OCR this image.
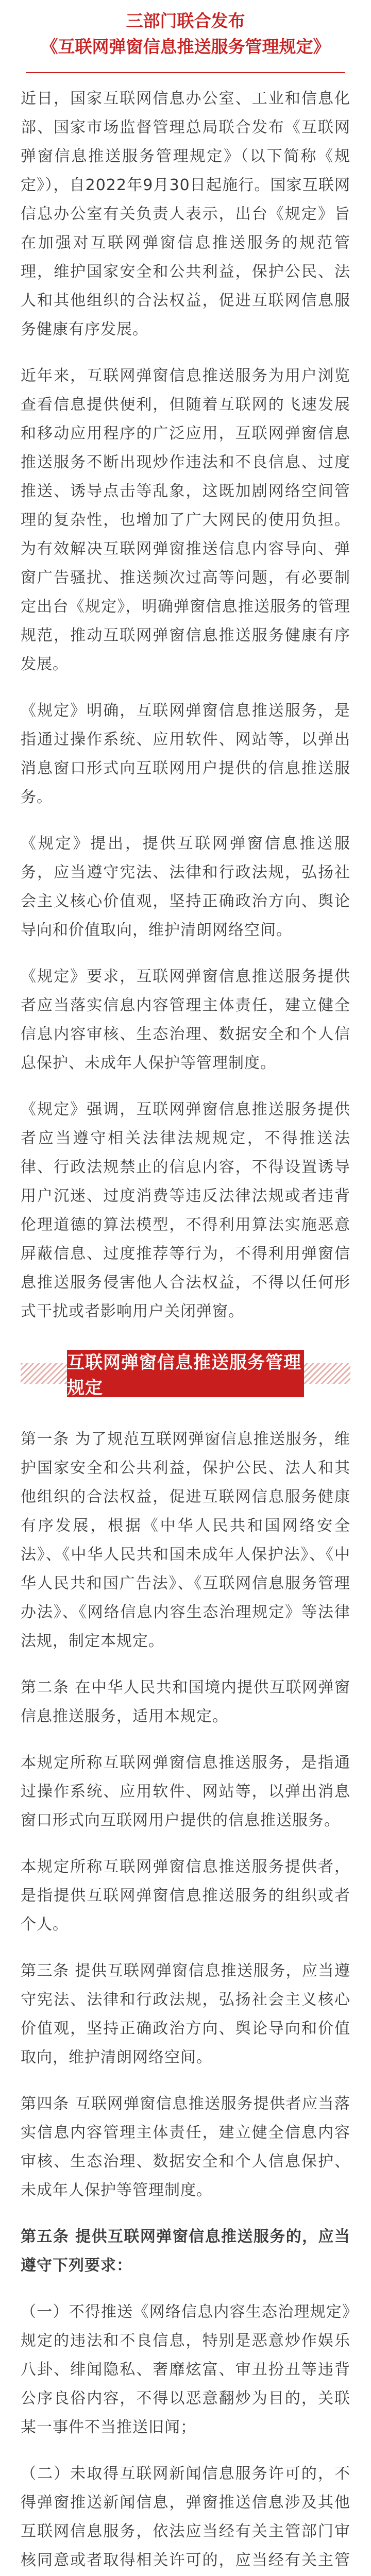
三部门联合发布
《互联网弹窗信息推送服务管理规定》

近日，国家互联网信息办公室、工业和信息化部、国家市场监督管理总局联合发布《互联网弹窗信息推送服务管理规定》（以下简称《规定》），自2022年9月30日起施行。国家互联网信息办公室有关负责人表示，出台《规定》旨在加强对互联网弹窗信息推送服务的规范管理，维护国家安全和公共利益，保护公民、法人和其他组织的合法权益，促进互联网信息服务健康有序发展。

近年来，互联网弹窗信息推送服务为用户浏览查看信息提供便利，但随着互联网的飞速发展和移动应用程序的广泛应用，互联网弹窗信息推送服务不断出现炒作违法和不良信息、过度推送、诱导点击等乱象，这既加剧网络空间管理的复杂性，也增加了广大网民的使用负担。为有效解决互联网弹窗推送信息内容导向、弹窗广告骚扰、推送频次过高等问题，有必要制定出台《规定》，明确弹窗信息推送服务的管理规范，推动互联网弹窗信息推送服务健康有序发展。

《规定》明确，互联网弹窗信息推送服务，是指通过操作系统、应用软件、网站等，以弹出消息窗口形式向互联网用户提供的信息推送服务。

《规定》提出，提供互联网弹窗信息推送服务，应当遵守宪法、法律和行政法规，弘扬社会主义核心价值观，坚持正确政治方向、舆论导向和价值取向，维护清朗网络空间。

《规定》要求，互联网弹窗信息推送服务提供者应当落实信息内容管理主体责任，建立健全信息内容审核、生态治理、数据安全和个人信息保护、未成年人保护等管理制度。

《规定》强调，互联网弹窗信息推送服务提供者应当遵守相关法律法规规定，不得推送法律、行政法规禁止的信息内容，不得设置诱导用户沉迷、过度消费等违反法律法规或者违背伦理道德的算法模型，不得利用算法实施恶意屏蔽信息、过度推荐等行为，不得利用弹窗信息推送服务侵害他人合法权益，不得以任何形式干扰或者影响用户关闭弹窗。

互联网弹窗信息推送服务管理规定

第一条 为了规范互联网弹窗信息推送服务，维护国家安全和公共利益，保护公民、法人和其他组织的合法权益，促进互联网信息服务健康有序发展，根据《中华人民共和国网络安全法》、《中华人民共和国未成年人保护法》、《中华人民共和国广告法》、《互联网信息服务管理办法》、《网络信息内容生态治理规定》等法律法规，制定本规定。

第二条 在中华人民共和国境内提供互联网弹窗信息推送服务，适用本规定。

本规定所称互联网弹窗信息推送服务，是指通过操作系统、应用软件、网站等，以弹出消息窗口形式向互联网用户提供的信息推送服务。

本规定所称互联网弹窗信息推送服务提供者，是指提供互联网弹窗信息推送服务的组织或者个人。

第三条 提供互联网弹窗信息推送服务，应当遵守宪法、法律和行政法规，弘扬社会主义核心价值观，坚持正确政治方向、舆论导向和价值取向，维护清朗网络空间。

第四条 互联网弹窗信息推送服务提供者应当落实信息内容管理主体责任，建立健全信息内容审核、生态治理、数据安全和个人信息保护、未成年人保护等管理制度。

第五条 提供互联网弹窗信息推送服务的，应当遵守下列要求：

（一）不得推送《网络信息内容生态治理规定》规定的违法和不良信息，特别是恶意炒作娱乐八卦、绯闻隐私、奢靡炫富、审丑扮丑等违背公序良俗内容，不得以恶意翻炒为目的，关联某一事件不当推送旧闻；

（二）未取得互联网新闻信息服务许可的，不得弹窗推送新闻信息，弹窗推送信息涉及其他互联网信息服务，依法应当经有关主管部门审核同意或者取得相关许可的，应当经有关主管
